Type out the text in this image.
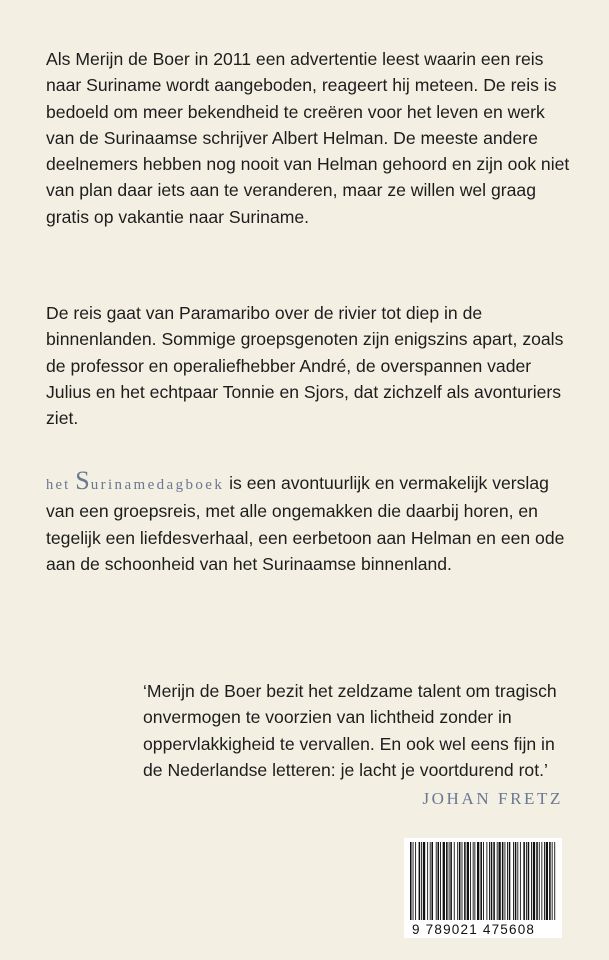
Als Merijn de Boer in 2011 een advertentie leest waarin een reis naar Suriname wordt aangeboden, reageert hij meteen. De reis is bedoeld om meer bekendheid te creëren voor het leven en werk van de Surinaamse schrijver Albert Helman. De meeste andere deelnemers hebben nog nooit van Helman gehoord en zijn ook niet van plan daar iets aan te veranderen, maar ze willen wel graag gratis op vakantie naar Suriname.

De reis gaat van Paramaribo over de rivier tot diep in de binnenlanden. Sommige groepsgenoten zijn enigszins apart, zoals de professor en operaliefhebber André, de overspannen vader Julius en het echtpaar Tonnie en Sjors, dat zichzelf als avonturiers ziet.

het Surinamedagboek is een avontuurlijk en vermakelijk verslag van een groepsreis, met alle ongemakken die daarbij horen, en tegelijk een liefdesverhaal, een eerbetoon aan Helman en een ode aan de schoonheid van het Surinaamse binnenland.

‘Merijn de Boer bezit het zeldzame talent om tragisch onvermogen te voorzien van lichtheid zonder in oppervlakkigheid te vervallen. En ook wel eens fijn in de Nederlandse letteren: je lacht je voortdurend rot.’

JOHAN FRETZ
9 789021 475608
